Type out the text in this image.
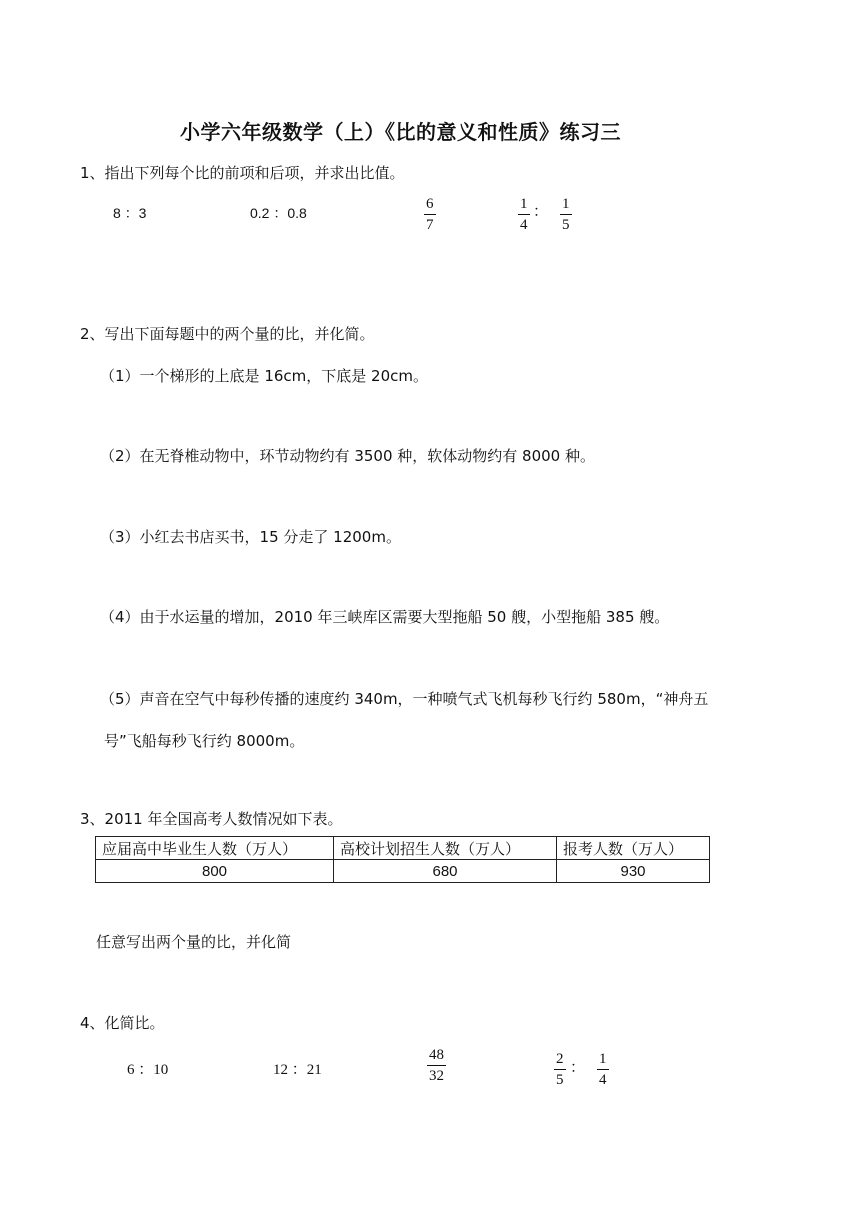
小学六年级数学（上）《比的意义和性质》练习三
1、指出下列每个比的前项和后项，并求出比值。
8 ：3	0.2 ：0.8
6
7
1
4
： 1
5
2、写出下面每题中的两个量的比，并化简。
（1）一个梯形的上底是 16cm，下底是 20cm。
（2）在无脊椎动物中，环节动物约有 3500 种，软体动物约有 8000 种。
（3）小红去书店买书，15 分走了 1200m。
（4）由于水运量的增加，2010 年三峡库区需要大型拖船 50 艘，小型拖船 385 艘。
（5）声音在空气中每秒传播的速度约 340m，一种喷气式飞机每秒飞行约 580m，“神舟五
号”飞船每秒飞行约 8000m。
3、2011 年全国高考人数情况如下表。
应届高中毕业生人数（万人）	高校计划招生人数（万人）	报考人数（万人）
800	680	930
任意写出两个量的比，并化简
4、化简比。
6 ：10	12 ：21
48
32
2
5
：
1
4
